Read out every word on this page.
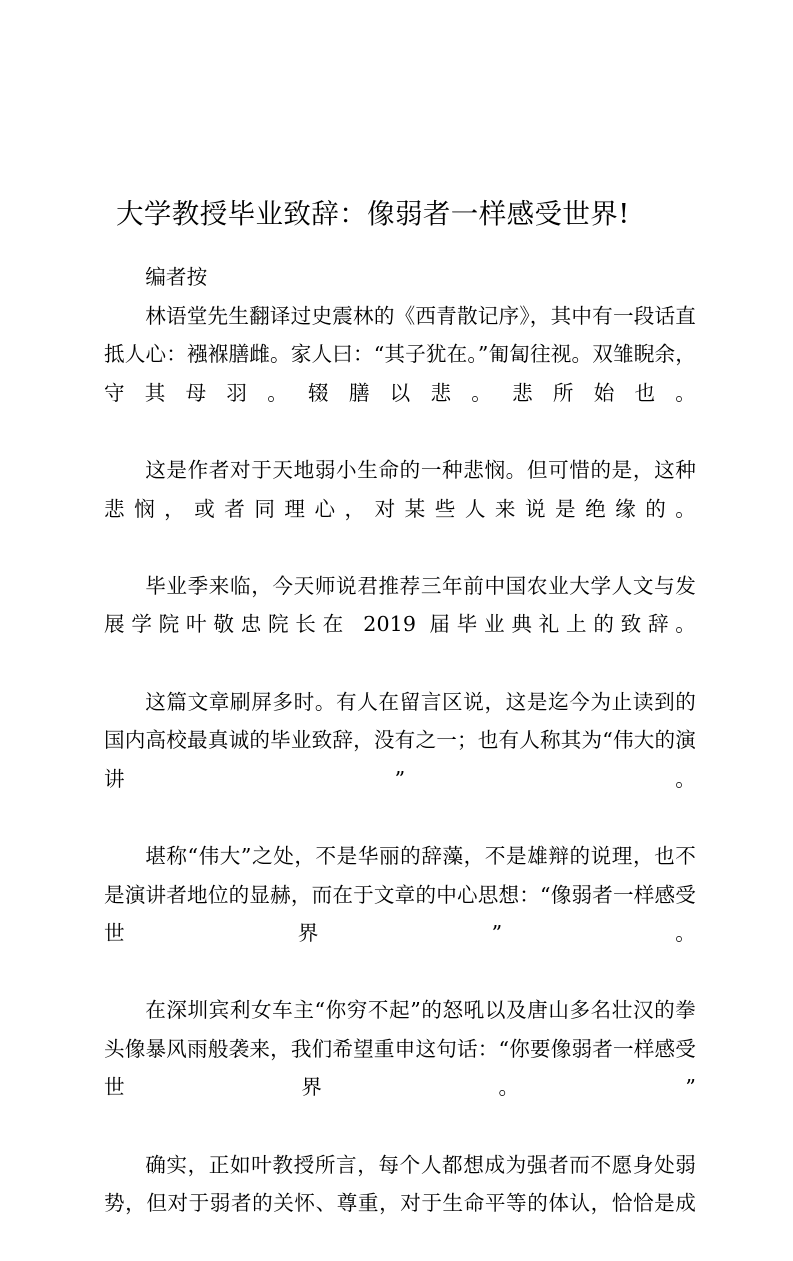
大学教授毕业致辞：像弱者一样感受世界!

编者按

林语堂先生翻译过史震林的《西青散记序》，其中有一段话直抵人心：襁褓膳雌。家人曰：“其子犹在。”匍匐往视。双雏睨余，守其母羽。辍膳以悲。悲所始也。

这是作者对于天地弱小生命的一种悲悯。但可惜的是，这种悲悯，或者同理心，对某些人来说是绝缘的。

毕业季来临，今天师说君推荐三年前中国农业大学人文与发展学院叶敬忠院长在 2019 届毕业典礼上的致辞。

这篇文章刷屏多时。有人在留言区说，这是迄今为止读到的国内高校最真诚的毕业致辞，没有之一；也有人称其为“伟大的演讲”。

堪称“伟大”之处，不是华丽的辞藻，不是雄辩的说理，也不是演讲者地位的显赫，而在于文章的中心思想：“像弱者一样感受世界”。

在深圳宾利女车主“你穷不起”的怒吼以及唐山多名壮汉的拳头像暴风雨般袭来，我们希望重申这句话：“你要像弱者一样感受世界。”

确实，正如叶教授所言，每个人都想成为强者而不愿身处弱势，但对于弱者的关怀、尊重，对于生命平等的体认，恰恰是成
